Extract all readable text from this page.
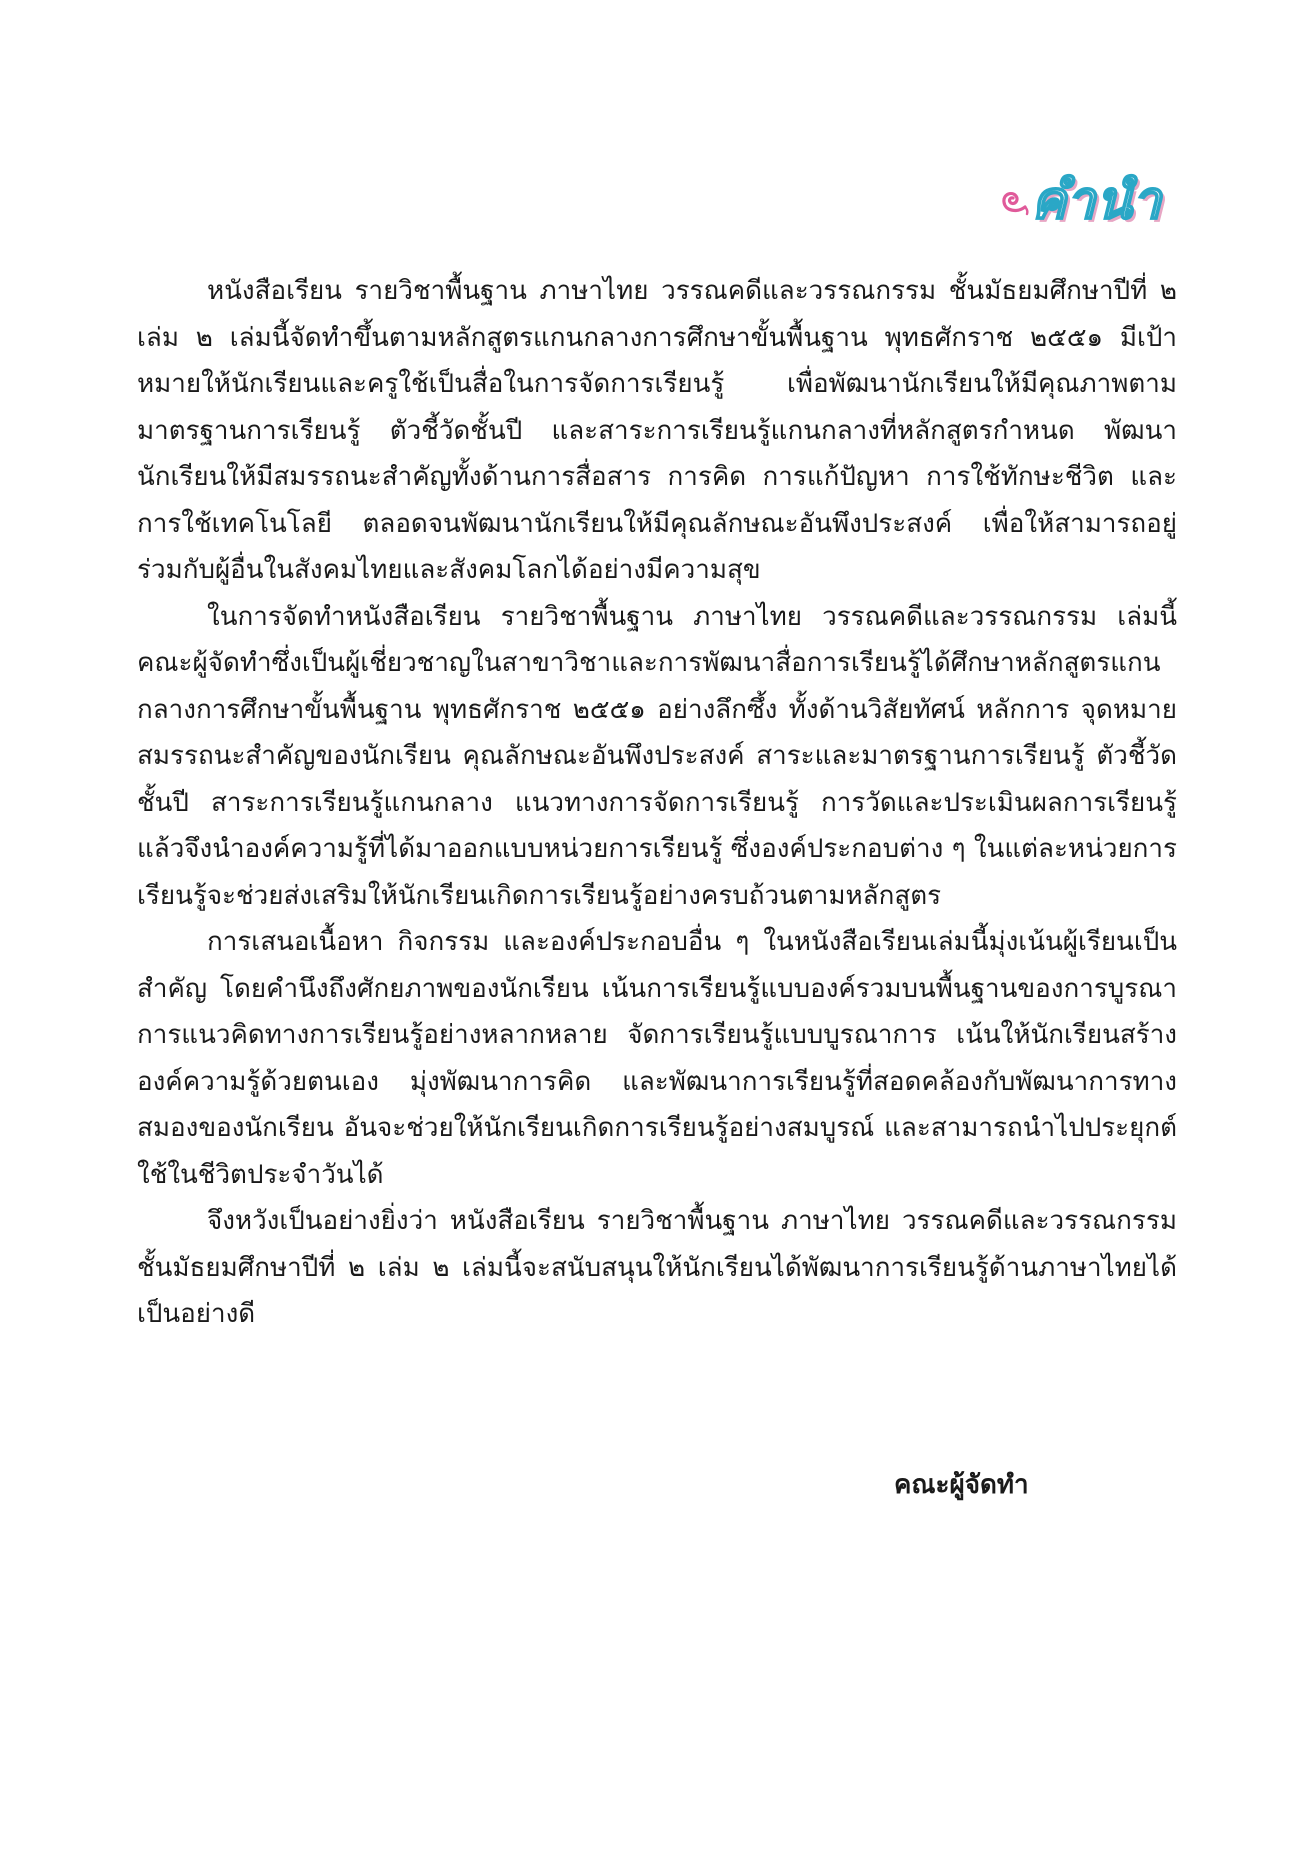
คำนำ

หนังสือเรียน รายวิชาพื้นฐาน ภาษาไทย วรรณคดีและวรรณกรรม ชั้นมัธยมศึกษาปีที่ ๒ เล่ม ๒ เล่มนี้จัดทำขึ้นตามหลักสูตรแกนกลางการศึกษาขั้นพื้นฐาน พุทธศักราช ๒๕๕๑ มีเป้าหมายให้นักเรียนและครูใช้เป็นสื่อในการจัดการเรียนรู้ เพื่อพัฒนานักเรียนให้มีคุณภาพตามมาตรฐานการเรียนรู้ ตัวชี้วัดชั้นปี และสาระการเรียนรู้แกนกลางที่หลักสูตรกำหนด พัฒนานักเรียนให้มีสมรรถนะสำคัญทั้งด้านการสื่อสาร การคิด การแก้ปัญหา การใช้ทักษะชีวิต และการใช้เทคโนโลยี ตลอดจนพัฒนานักเรียนให้มีคุณลักษณะอันพึงประสงค์ เพื่อให้สามารถอยู่ร่วมกับผู้อื่นในสังคมไทยและสังคมโลกได้อย่างมีความสุข

ในการจัดทำหนังสือเรียน รายวิชาพื้นฐาน ภาษาไทย วรรณคดีและวรรณกรรม เล่มนี้ คณะผู้จัดทำซึ่งเป็นผู้เชี่ยวชาญในสาขาวิชาและการพัฒนาสื่อการเรียนรู้ได้ศึกษาหลักสูตรแกนกลางการศึกษาขั้นพื้นฐาน พุทธศักราช ๒๕๕๑ อย่างลึกซึ้ง ทั้งด้านวิสัยทัศน์ หลักการ จุดหมาย สมรรถนะสำคัญของนักเรียน คุณลักษณะอันพึงประสงค์ สาระและมาตรฐานการเรียนรู้ ตัวชี้วัดชั้นปี สาระการเรียนรู้แกนกลาง แนวทางการจัดการเรียนรู้ การวัดและประเมินผลการเรียนรู้ แล้วจึงนำองค์ความรู้ที่ได้มาออกแบบหน่วยการเรียนรู้ ซึ่งองค์ประกอบต่าง ๆ ในแต่ละหน่วยการเรียนรู้จะช่วยส่งเสริมให้นักเรียนเกิดการเรียนรู้อย่างครบถ้วนตามหลักสูตร

การเสนอเนื้อหา กิจกรรม และองค์ประกอบอื่น ๆ ในหนังสือเรียนเล่มนี้มุ่งเน้นผู้เรียนเป็นสำคัญ โดยคำนึงถึงศักยภาพของนักเรียน เน้นการเรียนรู้แบบองค์รวมบนพื้นฐานของการบูรณาการแนวคิดทางการเรียนรู้อย่างหลากหลาย จัดการเรียนรู้แบบบูรณาการ เน้นให้นักเรียนสร้างองค์ความรู้ด้วยตนเอง มุ่งพัฒนาการคิด และพัฒนาการเรียนรู้ที่สอดคล้องกับพัฒนาการทางสมองของนักเรียน อันจะช่วยให้นักเรียนเกิดการเรียนรู้อย่างสมบูรณ์ และสามารถนำไปประยุกต์ใช้ในชีวิตประจำวันได้

จึงหวังเป็นอย่างยิ่งว่า หนังสือเรียน รายวิชาพื้นฐาน ภาษาไทย วรรณคดีและวรรณกรรม ชั้นมัธยมศึกษาปีที่ ๒ เล่ม ๒ เล่มนี้จะสนับสนุนให้นักเรียนได้พัฒนาการเรียนรู้ด้านภาษาไทยได้เป็นอย่างดี

คณะผู้จัดทำ
